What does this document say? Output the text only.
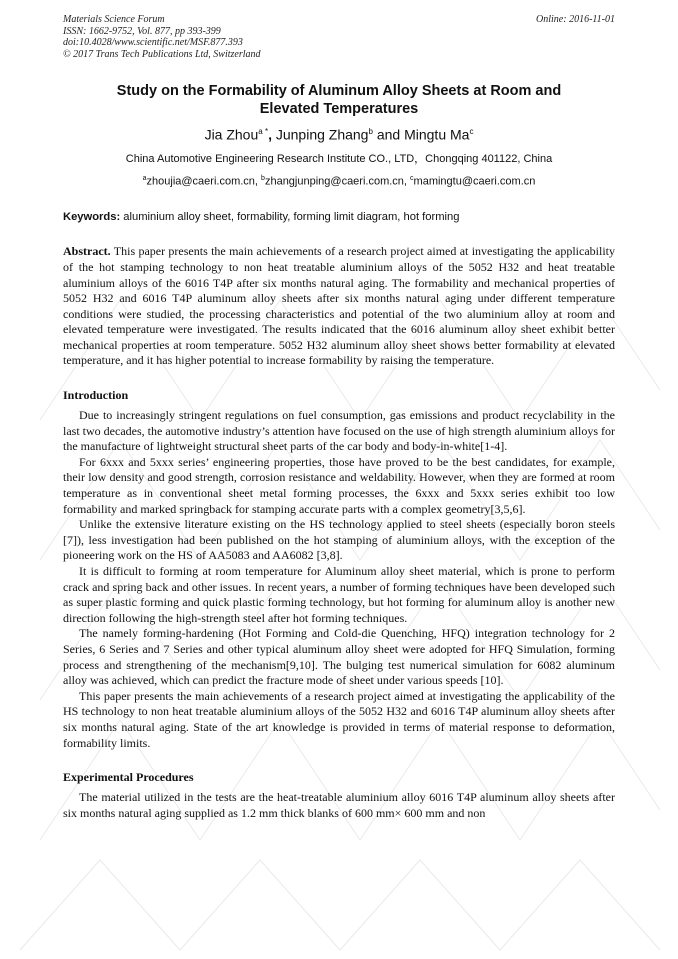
Materials Science Forum
ISSN: 1662-9752, Vol. 877, pp 393-399
doi:10.4028/www.scientific.net/MSF.877.393
© 2017 Trans Tech Publications Ltd, Switzerland
Online: 2016-11-01
Study on the Formability of Aluminum Alloy Sheets at Room and
Elevated Temperatures
Jia Zhou$^{a *}$, Junping Zhang$^b$ and Mingtu Ma$^c$
China Automotive Engineering Research Institute CO., LTD，Chongqing 401122, China
$^a$zhoujia@caeri.com.cn, $^b$zhangjunping@caeri.com.cn, $^c$mamingtu@caeri.com.cn
Keywords: aluminium alloy sheet, formability, forming limit diagram, hot forming
Abstract. This paper presents the main achievements of a research project aimed at investigating the applicability of the hot stamping technology to non heat treatable aluminium alloys of the 5052 H32 and heat treatable aluminium alloys of the 6016 T4P after six months natural aging. The formability and mechanical properties of 5052 H32 and 6016 T4P aluminum alloy sheets after six months natural aging under different temperature conditions were studied, the processing characteristics and potential of the two aluminium alloy at room and elevated temperature were investigated. The results indicated that the 6016 aluminum alloy sheet exhibit better mechanical properties at room temperature. 5052 H32 aluminum alloy sheet shows better formability at elevated temperature, and it has higher potential to increase formability by raising the temperature.
Introduction

Due to increasingly stringent regulations on fuel consumption, gas emissions and product recyclability in the last two decades, the automotive industry’s attention have focused on the use of high strength aluminium alloys for the manufacture of lightweight structural sheet parts of the car body and body-in-white[1-4].

For 6xxx and 5xxx series’ engineering properties, those have proved to be the best candidates, for example, their low density and good strength, corrosion resistance and weldability. However, when they are formed at room temperature as in conventional sheet metal forming processes, the 6xxx and 5xxx series exhibit too low formability and marked springback for stamping accurate parts with a complex geometry[3,5,6].

Unlike the extensive literature existing on the HS technology applied to steel sheets (especially boron steels [7]), less investigation had been published on the hot stamping of aluminium alloys, with the exception of the pioneering work on the HS of AA5083 and AA6082 [3,8].

It is difficult to forming at room temperature for Aluminum alloy sheet material, which is prone to perform crack and spring back and other issues. In recent years, a number of forming techniques have been developed such as super plastic forming and quick plastic forming technology, but hot forming for aluminum alloy is another new direction following the high-strength steel after hot forming techniques.

The namely forming-hardening (Hot Forming and Cold-die Quenching, HFQ) integration technology for 2 Series, 6 Series and 7 Series and other typical aluminum alloy sheet were adopted for HFQ Simulation, forming process and strengthening of the mechanism[9,10]. The bulging test numerical simulation for 6082 aluminum alloy was achieved, which can predict the fracture mode of sheet under various speeds [10].

This paper presents the main achievements of a research project aimed at investigating the applicability of the HS technology to non heat treatable aluminium alloys of the 5052 H32 and 6016 T4P aluminum alloy sheets after six months natural aging. State of the art knowledge is provided in terms of material response to deformation, formability limits.

Experimental Procedures

The material utilized in the tests are the heat-treatable aluminium alloy 6016 T4P aluminum alloy sheets after six months natural aging supplied as 1.2 mm thick blanks of 600 mm× 600 mm and non
